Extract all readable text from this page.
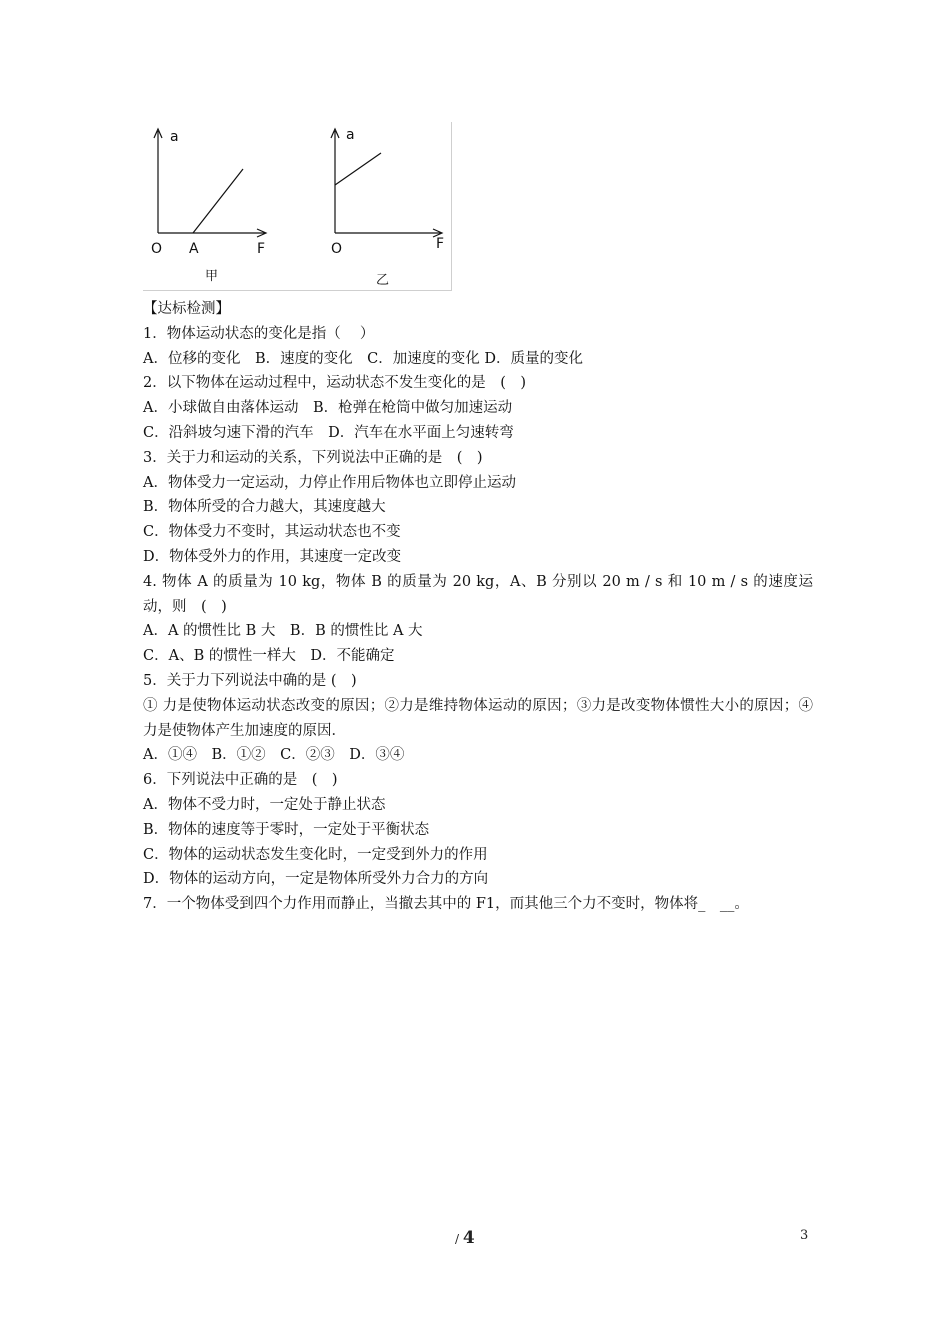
a
O A	F
甲
a
O	F
乙
【达标检测】
1．物体运动状态的变化是指（　 ）
A．位移的变化　B．速度的变化　C．加速度的变化 D．质量的变化
2．以下物体在运动过程中，运动状态不发生变化的是　(　)
A．小球做自由落体运动　B．枪弹在枪筒中做匀加速运动
C．沿斜坡匀速下滑的汽车　D．汽车在水平面上匀速转弯
3．关于力和运动的关系，下列说法中正确的是　(　)
A．物体受力一定运动，力停止作用后物体也立即停止运动
B．物体所受的合力越大，其速度越大
C．物体受力不变时，其运动状态也不变
D．物体受外力的作用，其速度一定改变
4. 物体 A 的质量为 10 kg，物体 B 的质量为 20 kg，A、B 分别以 20 m / s 和 10 m / s 的速度运动，则　(　)
A．A 的惯性比 B 大　B．B 的惯性比 A 大
C．A、B 的惯性一样大　D．不能确定
5．关于力下列说法中确的是 (　)
① 力是使物体运动状态改变的原因；②力是维持物体运动的原因；③力是改变物体惯性大小的原因；④力是使物体产生加速度的原因．
A．①④　B．①②　C．②③　D．③④
6．下列说法中正确的是　(　)
A．物体不受力时，一定处于静止状态
B．物体的速度等于零时，一定处于平衡状态
C．物体的运动状态发生变化时，一定受到外力的作用
D．物体的运动方向，一定是物体所受外力合力的方向
7．一个物体受到四个力作用而静止，当撤去其中的 F1，而其他三个力不变时，物体将_　__。
/ 4	3
